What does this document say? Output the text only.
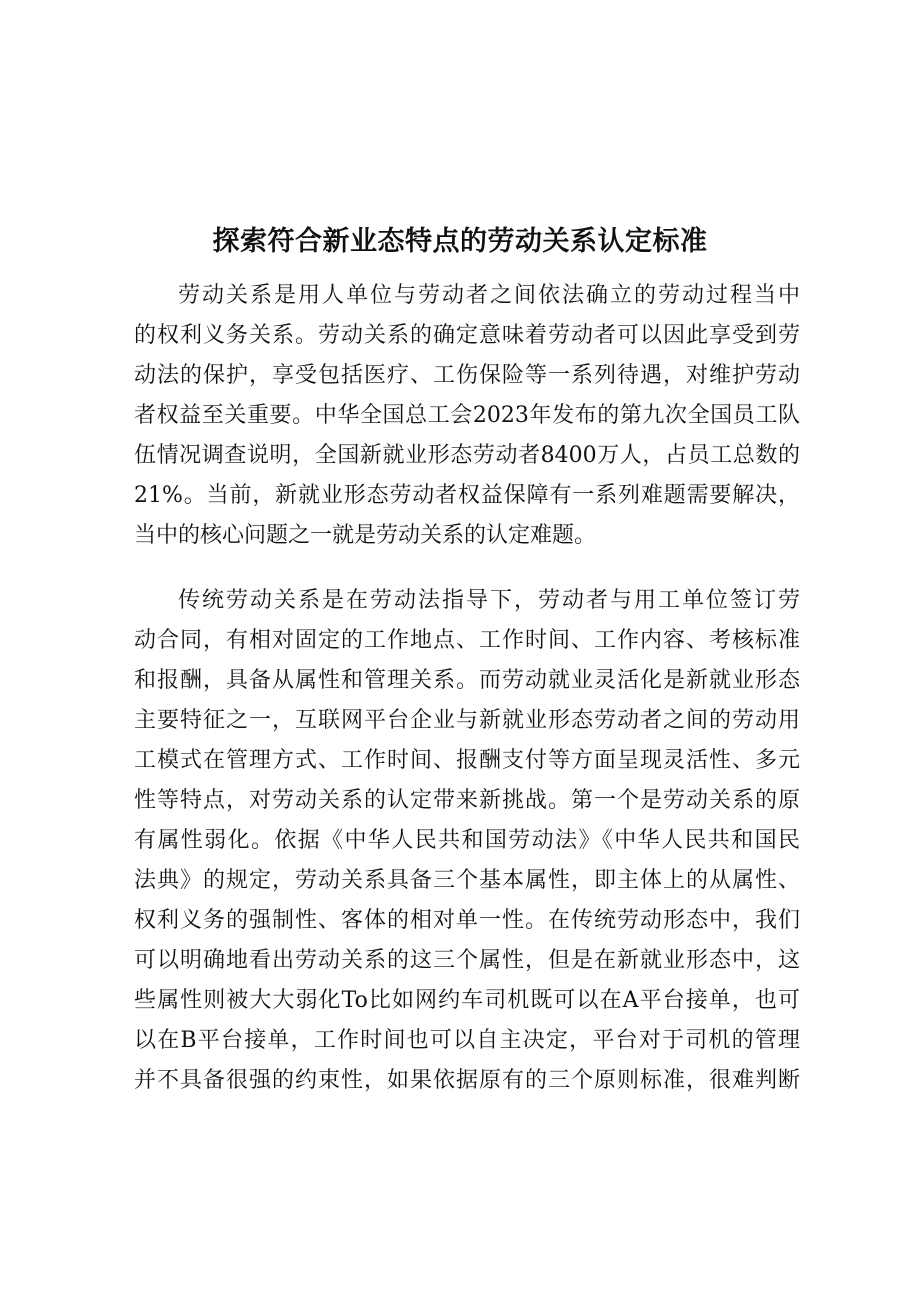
探索符合新业态特点的劳动关系认定标准
劳动关系是用人单位与劳动者之间依法确立的劳动过程当中
的权利义务关系。劳动关系的确定意味着劳动者可以因此享受到劳
动法的保护，享受包括医疗、工伤保险等一系列待遇，对维护劳动
者权益至关重要。中华全国总工会2023年发布的第九次全国员工队
伍情况调查说明，全国新就业形态劳动者8400万人，占员工总数的
21%。当前，新就业形态劳动者权益保障有一系列难题需要解决，
当中的核心问题之一就是劳动关系的认定难题。
传统劳动关系是在劳动法指导下，劳动者与用工单位签订劳
动合同，有相对固定的工作地点、工作时间、工作内容、考核标准
和报酬，具备从属性和管理关系。而劳动就业灵活化是新就业形态
主要特征之一，互联网平台企业与新就业形态劳动者之间的劳动用
工模式在管理方式、工作时间、报酬支付等方面呈现灵活性、多元
性等特点，对劳动关系的认定带来新挑战。第一个是劳动关系的原
有属性弱化。依据《中华人民共和国劳动法》《中华人民共和国民
法典》的规定，劳动关系具备三个基本属性，即主体上的从属性、
权利义务的强制性、客体的相对单一性。在传统劳动形态中，我们
可以明确地看出劳动关系的这三个属性，但是在新就业形态中，这
些属性则被大大弱化To比如网约车司机既可以在A平台接单，也可
以在B平台接单，工作时间也可以自主决定，平台对于司机的管理
并不具备很强的约束性，如果依据原有的三个原则标准，很难判断
